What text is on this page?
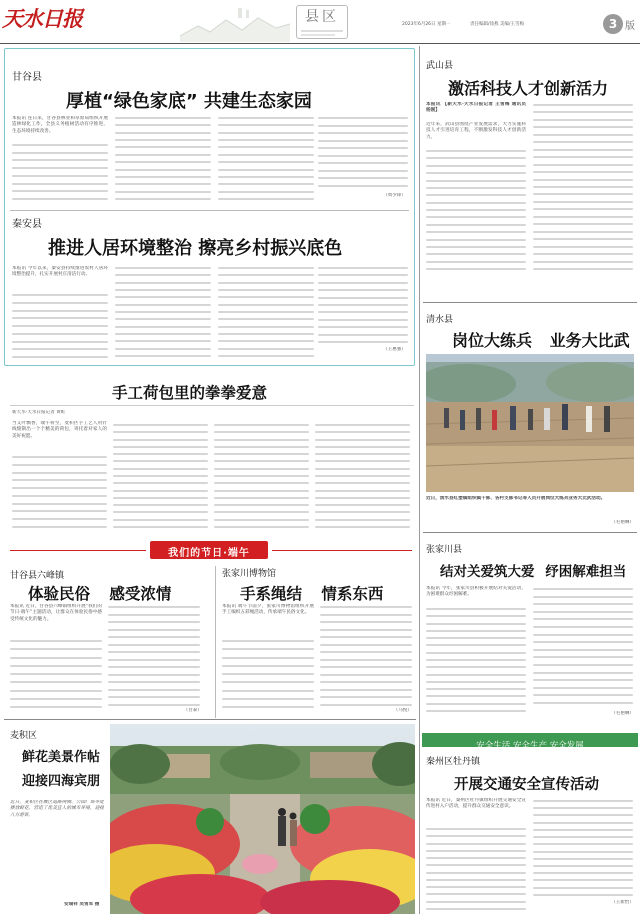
天水日报	县区	2023年6月26日 星期一	责任编辑/徐燕 美编/王雪梅	3 版
甘谷县
厚植“绿色家底” 共建生态家园
本报讯 连日来，甘谷县林业和草原局组织开展造林绿化工作，全县义务植树活动有序推进，生态环境持续改善。
（周少锋）
秦安县
推进人居环境整治 擦亮乡村振兴底色
本报讯 今年以来，秦安县持续推进农村人居环境整治提升，扎实开展村庄清洁行动。
（王惠强）
手工荷包里的拳拳爱意
新天水·天水日报记者 黄虹
当艾叶飘香，端午将至，麦积区手工艺人用针线缝制出一个个精美的荷包，寄托着对家人的美好祝愿。
我们的节日·端午
甘谷县六峰镇
体验民俗 感受浓情
本报讯 近日，甘谷县六峰镇组织开展“我们的节日·端午”主题活动，让群众在体验民俗中感受传统文化的魅力。
（甘泰）
张家川博物馆
手系绳结 情系东西
本报讯 端午节前夕，张家川博物馆组织开展手工编织五彩绳活动，传承端午民俗文化。
（马悦）
麦积区
鲜花美景作帖
迎接四海宾朋
近日，麦积区在城区道路两侧、公园广场等处摆放鲜花，营造了优美宜人的城市环境，迎接八方游客。
安瑞祥 吴雪军 摄
武山县
激活科技人才创新活力
本报讯 【新天水·天水日报记者 王雪梅 通讯员 杨刚】
近年来，武山县围绕产业发展需求，大力实施科技人才引进培育工程，不断激发科技人才创新活力。
清水县
岗位大练兵 业务大比武
近日，清水县红堡镇组织镇干部、各村支部书记等人员开展岗位大练兵业务大比武活动。
（毛艳琳）
张家川县
结对关爱筑大爱 纾困解难担当
本报讯 今年，张家川县积极开展结对关爱活动，为困难群众纾困解难。
（毛艳琳）
安全生活 安全生产 安全发展
秦州区牡丹镇
开展交通安全宣传活动
本报讯 近日，秦州区牡丹镇组织开展交通安全宣传进村入户活动，提升群众交通安全意识。
（王新怡）
